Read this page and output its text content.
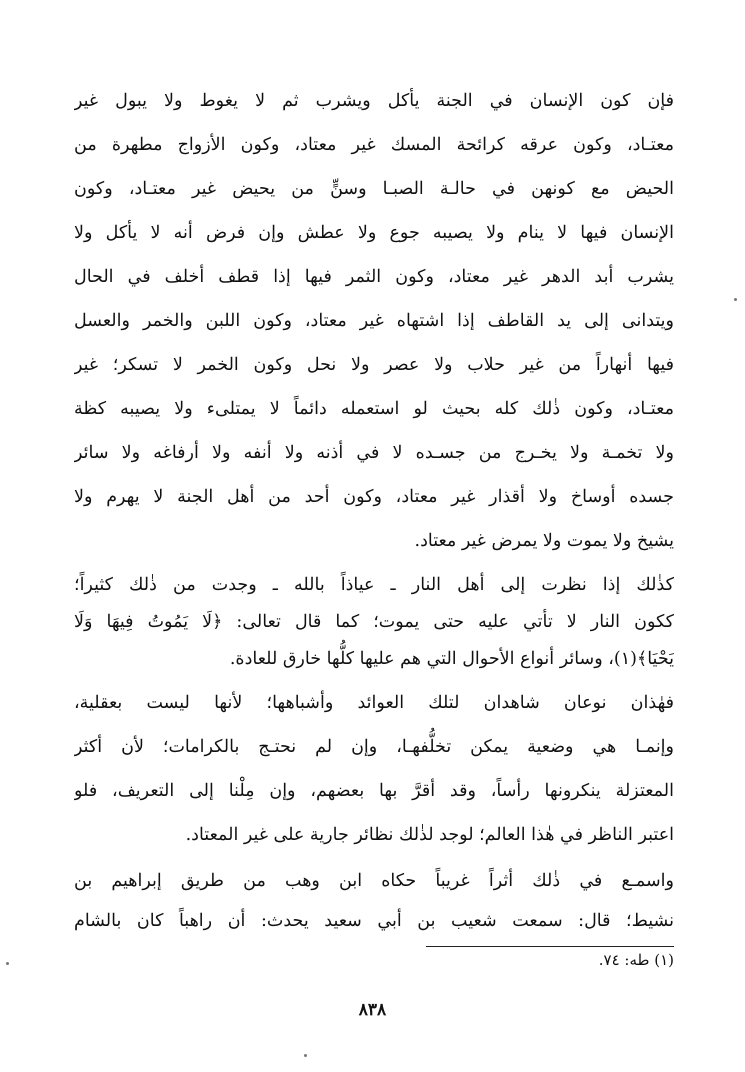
فإن كون الإنسان في الجنة يأكل ويشرب ثم لا يغوط ولا يبول غير
معتـاد، وكون عرقه كرائحة المسك غير معتاد، وكون الأزواج مطهرة من
الحيض مع كونهن في حالـة الصبـا وسنٍّ من يحيض غير معتـاد، وكون
الإنسان فيها لا ينام ولا يصيبه جوع ولا عطش وإن فرض أنه لا يأكل ولا
يشرب أبد الدهر غير معتاد، وكون الثمر فيها إذا قطف أخلف في الحال
ويتدانى إلى يد القاطف إذا اشتهاه غير معتاد، وكون اللبن والخمر والعسل
فيها أنهاراً من غير حلاب ولا عصر ولا نحل وكون الخمر لا تسكر؛ غير
معتـاد، وكون ذٰلك كله بحيث لو استعمله دائماً لا يمتلىء ولا يصيبه كظة
ولا تخمـة ولا يخـرج من جسـده لا في أذنه ولا أنفه ولا أرفاغه ولا سائر
جسده أوساخ ولا أقذار غير معتاد، وكون أحد من أهل الجنة لا يهرم ولا
يشيخ ولا يموت ولا يمرض غير معتاد.
كذٰلك إذا نظرت إلى أهل النار ـ عياذاً بالله ـ وجدت من ذٰلك كثيراً؛
ككون النار لا تأتي عليه حتى يموت؛ كما قال تعالى: ﴿لَا يَمُوتُ فِيهَا وَلَا
يَحْيَا﴾(١)، وسائر أنواع الأحوال التي هم عليها كلُّها خارق للعادة.
فهٰذان نوعان شاهدان لتلك العوائد وأشباهها؛ لأنها ليست بعقلية،
وإنمـا هي وضعية يمكن تخلُّفهـا، وإن لم نحتـج بالكرامات؛ لأن أكثر
المعتزلة ينكرونها رأساً، وقد أقرَّ بها بعضهم، وإن مِلْنا إلى التعريف، فلو
اعتبر الناظر في هٰذا العالم؛ لوجد لذٰلك نظائر جارية على غير المعتاد.
واسمـع في ذٰلك أثراً غريباً حكاه ابن وهب من طريق إبراهيم بن
نشيط؛ قال: سمعت شعيب بن أبي سعيد يحدث: أن راهباً كان بالشام
(١) طه: ٧٤.
٨٣٨
